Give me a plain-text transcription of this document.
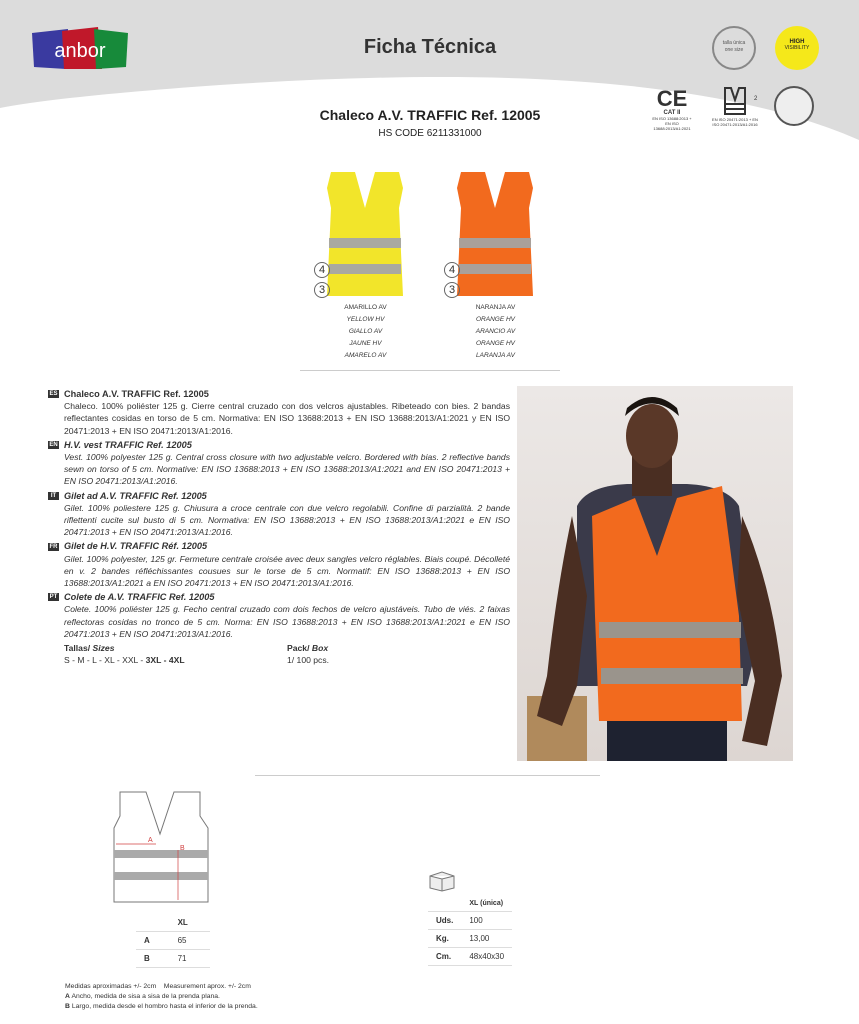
anbor	Ficha Técnica	talla única
one size
HIGH
VISIBILITY
CE
CAT II
EN ISO 13688:2013 + EN ISO 13688:2013/A1:2021
2
EN ISO 20471:2013 + EN ISO 20471:2013/A1:2016
Chaleco A.V. TRAFFIC Ref. 12005
HS CODE 6211331000
4
3
AMARILLO AV
YELLOW HV
GIALLO AV
JAUNE HV
AMARELO AV
4
3
NARANJA AV
ORANGE HV
ARANCIO AV
ORANGE HV
LARANJA AV
ES Chaleco A.V. TRAFFIC Ref. 12005
Chaleco. 100% poliéster 125 g. Cierre central cruzado con dos velcros ajustables. Ribeteado con bies. 2 bandas reflectantes cosidas en torso de 5 cm. Normativa: EN ISO 13688:2013 + EN ISO 13688:2013/A1:2021 y EN ISO 20471:2013 + EN ISO 20471:2013/A1:2016.
EN H.V. vest TRAFFIC Ref. 12005
Vest. 100% polyester 125 g. Central cross closure with two adjustable velcro. Bordered with bias. 2 reflective bands sewn on torso of 5 cm. Normative: EN ISO 13688:2013 + EN ISO 13688:2013/A1:2021 and EN ISO 20471:2013 + EN ISO 20471:2013/A1:2016.
IT Gilet ad A.V. TRAFFIC Ref. 12005
Gilet. 100% poliestere 125 g. Chiusura a croce centrale con due velcro regolabili. Confine di parzialità. 2 bande riflettenti cucite sul busto di 5 cm. Normativa: EN ISO 13688:2013 + EN ISO 13688:2013/A1:2021 e EN ISO 20471:2013 + EN ISO 20471:2013/A1:2016.
FR Gilet de H.V. TRAFFIC Réf. 12005
Gilet. 100% polyester, 125 gr. Fermeture centrale croisée avec deux sangles velcro réglables. Biais coupé. Décolleté en v. 2 bandes réfléchissantes cousues sur le torse de 5 cm. Normatif: EN ISO 13688:2013 + EN ISO 13688:2013/A1:2021 a EN ISO 20471:2013 + EN ISO 20471:2013/A1:2016.
PT Colete de A.V. TRAFFIC Ref. 12005
Colete. 100% poliéster 125 g. Fecho central cruzado com dois fechos de velcro ajustáveis. Tubo de viés. 2 faixas reflectoras cosidas no tronco de 5 cm. Norma: EN ISO 13688:2013 + EN ISO 13688:2013/A1:2021 e EN ISO 20471:2013 + EN ISO 20471:2013/A1:2016.
Tallas/ Sizes	Pack/ Box
S - M - L - XL - XXL - 3XL - 4XL	1/ 100 pcs.
A
B
	XL
A	65
B	71
Medidas aproximadas +/- 2cm    Measurement aprox. +/- 2cm
A Ancho, medida de sisa a sisa de la prenda plana.
B Largo, medida desde el hombro hasta el inferior de la prenda.
	XL (única)
Uds.	100
Kg.	13,00
Cm.	48x40x30
